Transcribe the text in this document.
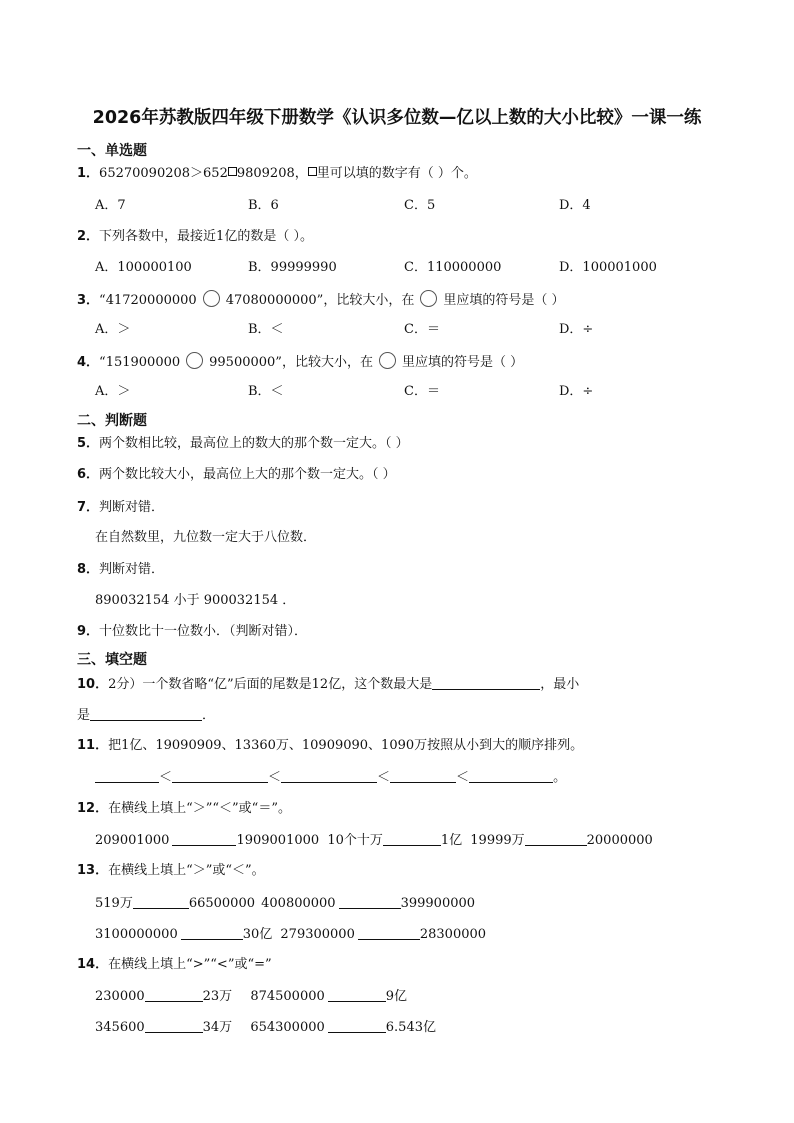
2026年苏教版四年级下册数学《认识多位数—亿以上数的大小比较》一课一练
一、单选题
1．65270090208＞652 9809208， 里可以填的数字有（ ）个。
A．7	B．6	C．5	D．4
2．下列各数中，最接近1亿的数是（ ）。
A．100000100	B．99999990	C．110000000	D．100001000
3．“41720000000 47080000000”，比较大小，在 里应填的符号是（ ）
A．＞	B．＜	C．＝	D．÷
4．“151900000 99500000”，比较大小，在 里应填的符号是（ ）
A．＞	B．＜	C．＝	D．÷
二、判断题
5．两个数相比较，最高位上的数大的那个数一定大。（ ）
6．两个数比较大小，最高位上大的那个数一定大。（ ）
7．判断对错．
在自然数里，九位数一定大于八位数．
8．判断对错．
890032154 小于 900032154 ．
9．十位数比十一位数小．（判断对错）．
三、填空题
10．2分）一个数省略“亿”后面的尾数是12亿，这个数最大是	，最小
是	．
11．把1亿、19090909、13360万、10909090、1090万按照从小到大的顺序排列。
＜	＜	＜	＜	。
12．在横线上填上“＞”“＜”或“＝”。
209001000	1909001000 10个十万	1亿 19999万	20000000
13．在横线上填上“＞”或“＜”。
519万	66500000 400800000	399900000
3100000000	30亿 279300000	28300000
14．在横线上填上“>”“<”或“=”
230000	23万 874500000	9亿
345600	34万 654300000	6.543亿
